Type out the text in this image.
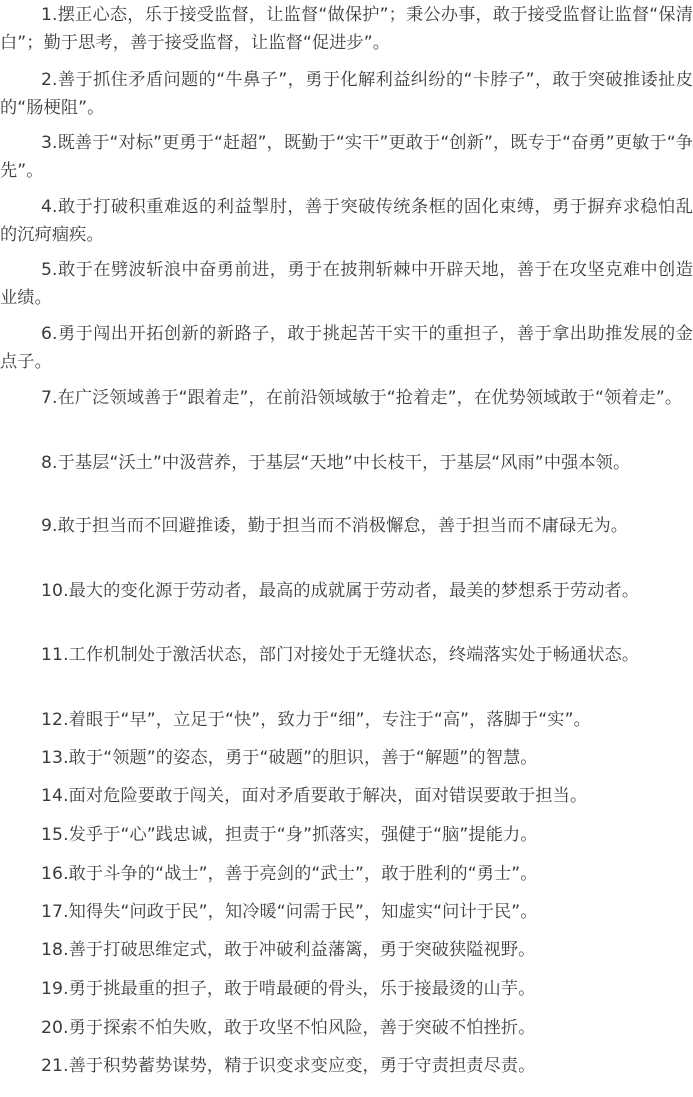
1.摆正心态，乐于接受监督，让监督“做保护”；秉公办事，敢于接受监督让监督“保清白”；勤于思考，善于接受监督，让监督“促进步”。

2.善于抓住矛盾问题的“牛鼻子”，勇于化解利益纠纷的“卡脖子”，敢于突破推诿扯皮的“肠梗阻”。

3.既善于“对标”更勇于“赶超”，既勤于“实干”更敢于“创新”，既专于“奋勇”更敏于“争先”。

4.敢于打破积重难返的利益掣肘，善于突破传统条框的固化束缚，勇于摒弃求稳怕乱的沉疴痼疾。

5.敢于在劈波斩浪中奋勇前进，勇于在披荆斩棘中开辟天地，善于在攻坚克难中创造业绩。

6.勇于闯出开拓创新的新路子，敢于挑起苦干实干的重担子，善于拿出助推发展的金点子。

7.在广泛领域善于“跟着走”，在前沿领域敏于“抢着走”，在优势领域敢于“领着走”。

8.于基层“沃土”中汲营养，于基层“天地”中长枝干，于基层“风雨”中强本领。

9.敢于担当而不回避推诿，勤于担当而不消极懈怠，善于担当而不庸碌无为。

10.最大的变化源于劳动者，最高的成就属于劳动者，最美的梦想系于劳动者。

11.工作机制处于激活状态，部门对接处于无缝状态，终端落实处于畅通状态。

12.着眼于“早”，立足于“快”，致力于“细”，专注于“高”，落脚于“实”。

13.敢于“领题”的姿态，勇于“破题”的胆识，善于“解题”的智慧。

14.面对危险要敢于闯关，面对矛盾要敢于解决，面对错误要敢于担当。

15.发乎于“心”践忠诚，担责于“身”抓落实，强健于“脑”提能力。

16.敢于斗争的“战士”，善于亮剑的“武士”，敢于胜利的“勇士”。

17.知得失“问政于民”，知冷暖“问需于民”，知虚实“问计于民”。

18.善于打破思维定式，敢于冲破利益藩篱，勇于突破狭隘视野。

19.勇于挑最重的担子，敢于啃最硬的骨头，乐于接最烫的山芋。

20.勇于探索不怕失败，敢于攻坚不怕风险，善于突破不怕挫折。

21.善于积势蓄势谋势，精于识变求变应变，勇于守责担责尽责。
